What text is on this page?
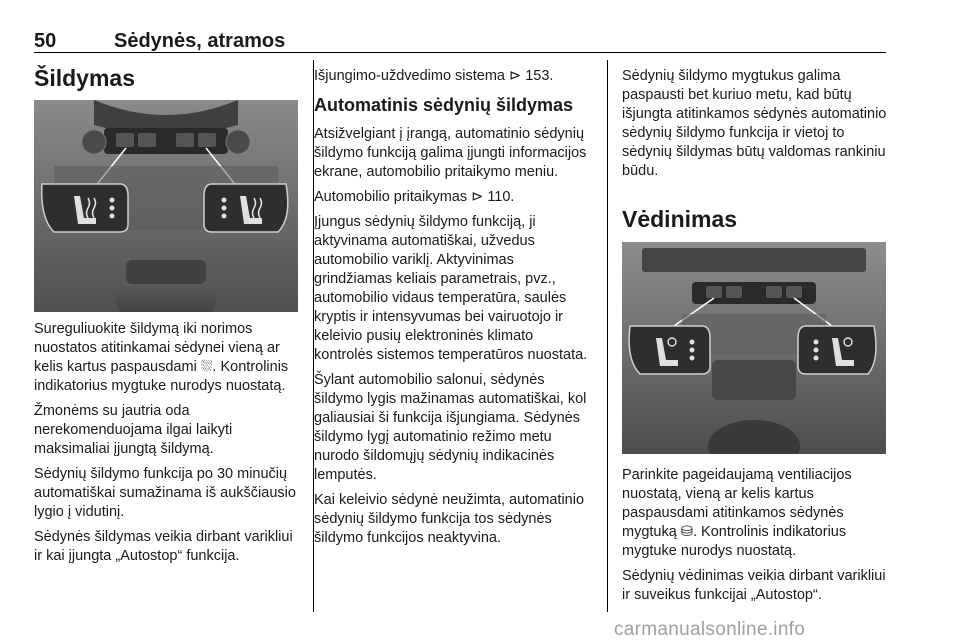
50	Sėdynės, atramos
Šildymas

Sureguliuokite šildymą iki norimos nuostatos atitinkamai sėdynei vieną ar kelis kartus paspausdami ⛆. Kontrolinis indikatorius mygtuke nurodys nuostatą.

Žmonėms su jautria oda nerekomenduojama ilgai laikyti maksimaliai įjungtą šildymą.

Sėdynių šildymo funkcija po 30 minučių automatiškai sumažinama iš aukščiausio lygio į vidutinį.

Sėdynės šildymas veikia dirbant varikliui ir kai įjungta „Autostop“ funkcija.

Išjungimo-uždvedimo sistema ⊳ 153.

Automatinis sėdynių šildymas

Atsižvelgiant į įrangą, automatinio sėdynių šildymo funkciją galima įjungti informacijos ekrane, automobilio pritaikymo meniu.

Automobilio pritaikymas ⊳ 110.

Įjungus sėdynių šildymo funkciją, ji aktyvinama automatiškai, užvedus automobilio variklį. Aktyvinimas grindžiamas keliais parametrais, pvz., automobilio vidaus temperatūra, saulės kryptis ir intensyvumas bei vairuotojo ir keleivio pusių elektroninės klimato kontrolės sistemos temperatūros nuostata.

Šylant automobilio salonui, sėdynės šildymo lygis mažinamas automatiškai, kol galiausiai ši funkcija išjungiama. Sėdynės šildymo lygį automatinio režimo metu nurodo šildomųjų sėdynių indikacinės lemputės.

Kai keleivio sėdynė neužimta, automatinio sėdynių šildymo funkcija tos sėdynės šildymo funkcijos neaktyvina.

Sėdynių šildymo mygtukus galima paspausti bet kuriuo metu, kad būtų išjungta atitinkamos sėdynės automatinio sėdynių šildymo funkcija ir vietoj to sėdynių šildymas būtų valdomas rankiniu būdu.

Vėdinimas

Parinkite pageidaujamą ventiliacijos nuostatą, vieną ar kelis kartus paspausdami atitinkamos sėdynės mygtuką ⛁. Kontrolinis indikatorius mygtuke nurodys nuostatą.

Sėdynių vėdinimas veikia dirbant varikliui ir suveikus funkcijai „Autostop“.

carmanualsonline.info
